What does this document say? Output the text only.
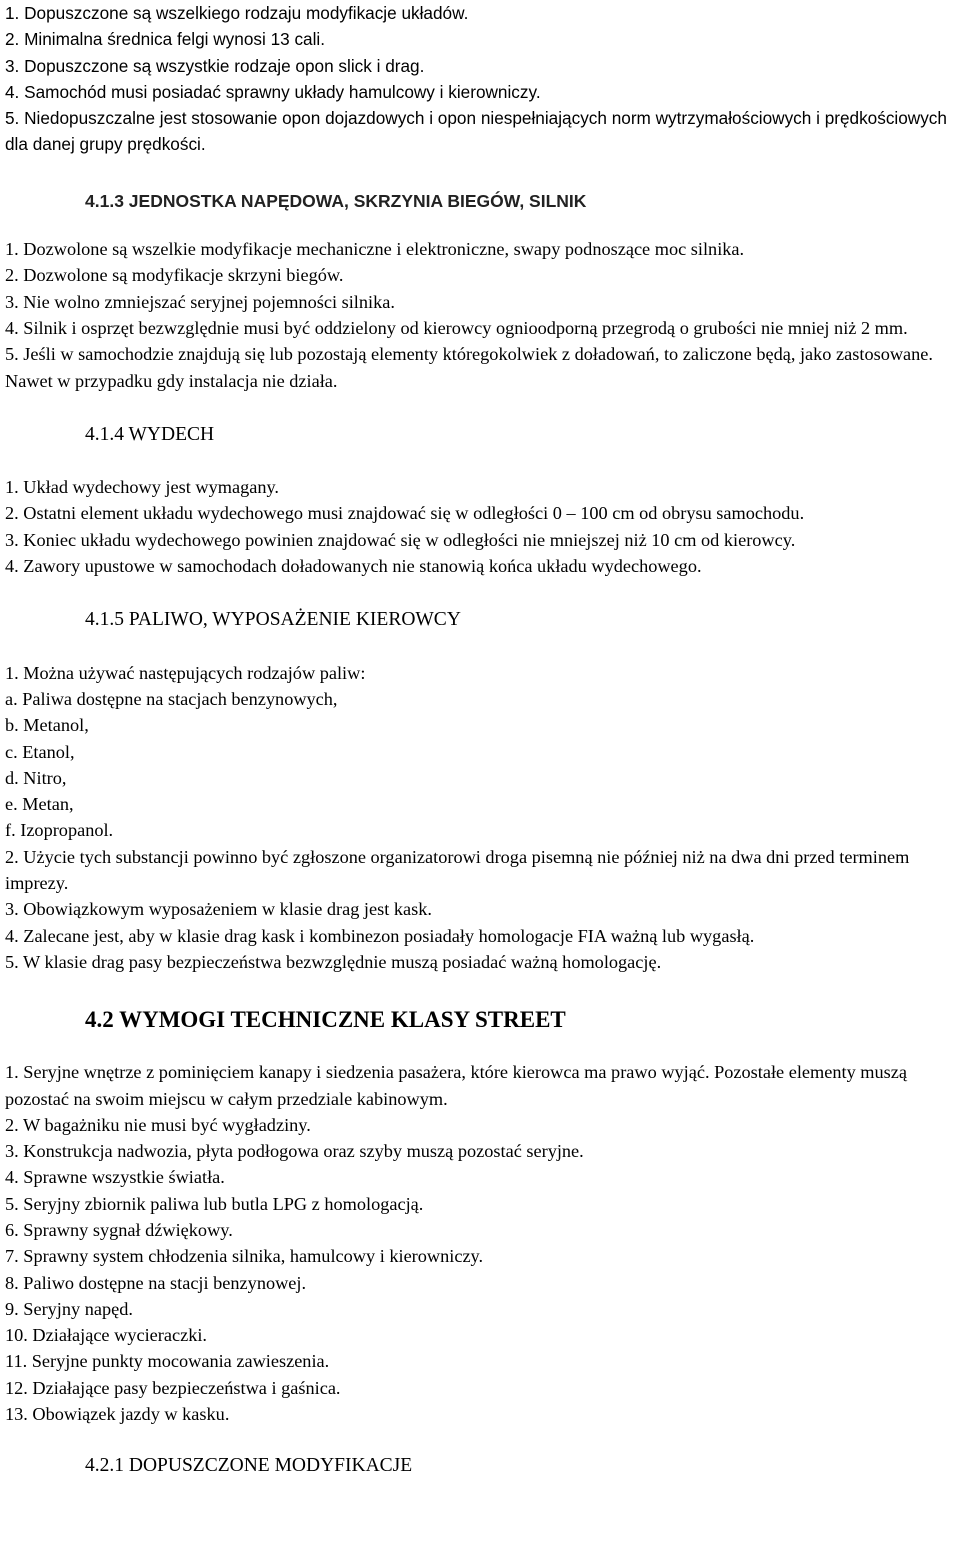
1. Dopuszczone są wszelkiego rodzaju modyfikacje układów.

2. Minimalna średnica felgi wynosi 13 cali.

3. Dopuszczone są wszystkie rodzaje opon slick i drag.

4. Samochód musi posiadać sprawny układy hamulcowy i kierowniczy.

5. Niedopuszczalne jest stosowanie opon dojazdowych i opon niespełniających norm wytrzymałościowych i prędkościowych dla danej grupy prędkości.

4.1.3 JEDNOSTKA NAPĘDOWA, SKRZYNIA BIEGÓW, SILNIK

1. Dozwolone są wszelkie modyfikacje mechaniczne i elektroniczne, swapy podnoszące moc silnika.

2. Dozwolone są modyfikacje skrzyni biegów.

3. Nie wolno zmniejszać seryjnej pojemności silnika.

4. Silnik i osprzęt bezwzględnie musi być oddzielony od kierowcy ognioodporną przegrodą o grubości nie mniej niż 2 mm.

5. Jeśli w samochodzie znajdują się lub pozostają elementy któregokolwiek z doładowań, to zaliczone będą, jako zastosowane. Nawet w przypadku gdy instalacja nie działa.

4.1.4 WYDECH

1. Układ wydechowy jest wymagany.

2. Ostatni element układu wydechowego musi znajdować się w odległości 0 – 100 cm od obrysu samochodu.

3. Koniec układu wydechowego powinien znajdować się w odległości nie mniejszej niż 10 cm od kierowcy.

4. Zawory upustowe w samochodach doładowanych nie stanowią końca układu wydechowego.

4.1.5 PALIWO, WYPOSAŻENIE KIEROWCY

1. Można używać następujących rodzajów paliw:

a. Paliwa dostępne na stacjach benzynowych,

b. Metanol,

c. Etanol,

d. Nitro,

e. Metan,

f. Izopropanol.

2. Użycie tych substancji powinno być zgłoszone organizatorowi droga pisemną nie później niż na dwa dni przed terminem imprezy.

3. Obowiązkowym wyposażeniem w klasie drag jest kask.

4. Zalecane jest, aby w klasie drag kask i kombinezon posiadały homologacje FIA ważną lub wygasłą.

5. W klasie drag pasy bezpieczeństwa bezwzględnie muszą posiadać ważną homologację.

4.2 WYMOGI TECHNICZNE KLASY STREET

1. Seryjne wnętrze z pominięciem kanapy i siedzenia pasażera, które kierowca ma prawo wyjąć. Pozostałe elementy muszą pozostać na swoim miejscu w całym przedziale kabinowym.

2. W bagażniku nie musi być wygładziny.

3. Konstrukcja nadwozia, płyta podłogowa oraz szyby muszą pozostać seryjne.

4. Sprawne wszystkie światła.

5. Seryjny zbiornik paliwa lub butla LPG z homologacją.

6. Sprawny sygnał dźwiękowy.

7. Sprawny system chłodzenia silnika, hamulcowy i kierowniczy.

8. Paliwo dostępne na stacji benzynowej.

9. Seryjny napęd.

10. Działające wycieraczki.

11. Seryjne punkty mocowania zawieszenia.

12. Działające pasy bezpieczeństwa i gaśnica.

13. Obowiązek jazdy w kasku.

4.2.1 DOPUSZCZONE MODYFIKACJE
